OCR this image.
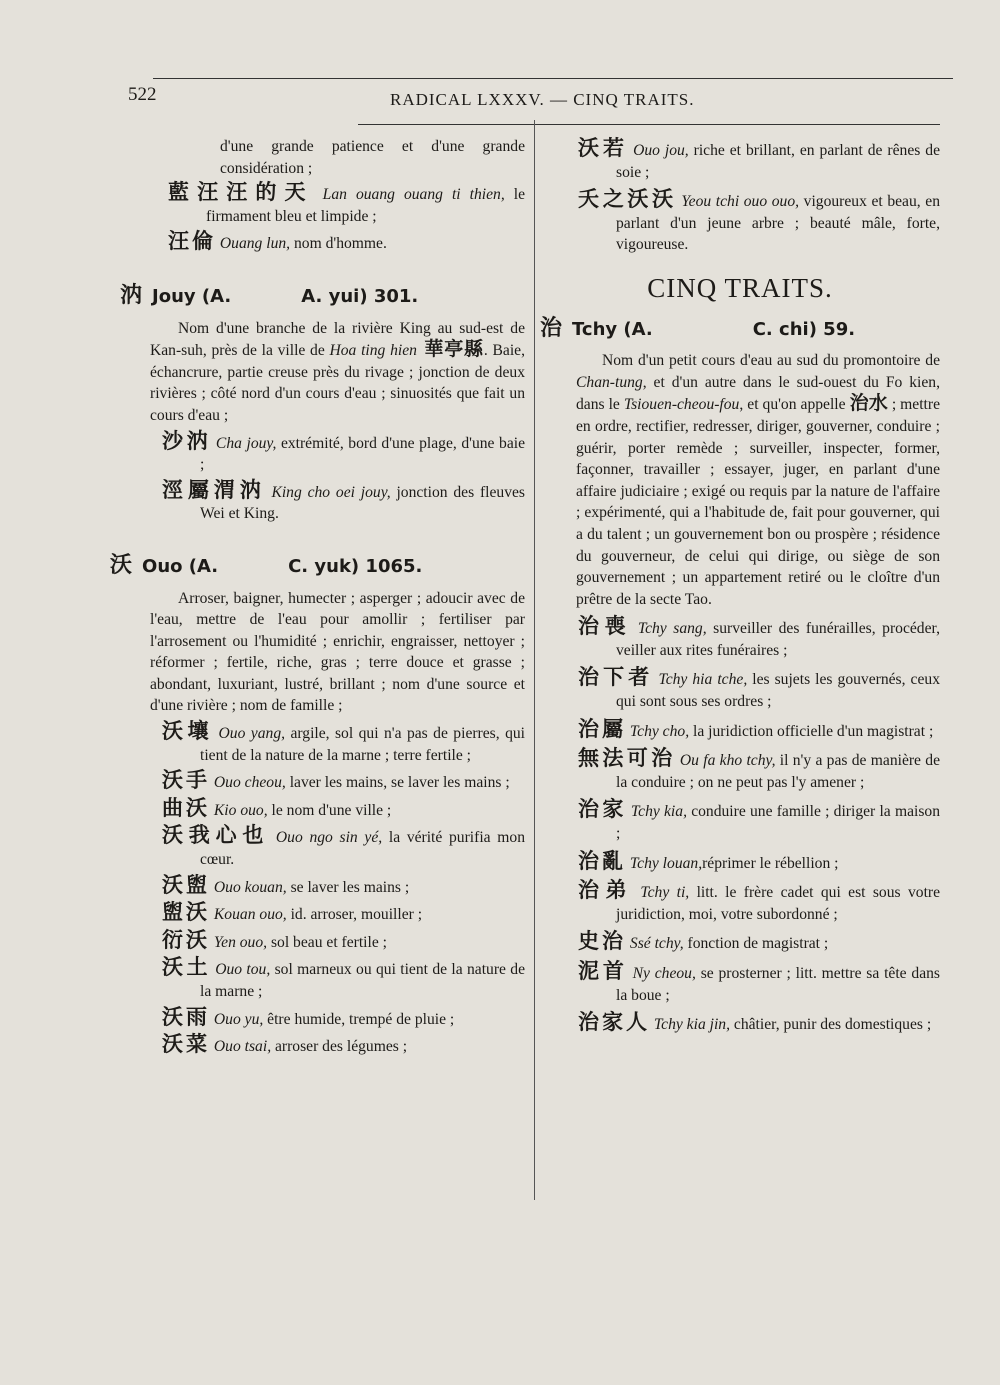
522	RADICAL LXXXV. — CINQ TRAITS.

d'une grande patience et d'une grande considération ;

藍汪汪的天 Lan ouang ouang ti thien, le firmament bleu et limpide ;

汪倫 Ouang lun, nom d'homme.

汭 Jouy (A.	A. yui) 301.

Nom d'une branche de la rivière King au sud-est de Kan-suh, près de la ville de Hoa ting hien 華亭縣. Baie, échancrure, partie creuse près du rivage ; jonction de deux rivières ; côté nord d'un cours d'eau ; sinuosités que fait un cours d'eau ;

沙汭 Cha jouy, extrémité, bord d'une plage, d'une baie ;

涇屬渭汭 King cho oei jouy, jonction des fleuves Wei et King.

沃 Ouo (A.	C. yuk) 1065.

Arroser, baigner, humecter ; asperger ; adoucir avec de l'eau, mettre de l'eau pour amollir ; fertiliser par l'arrosement ou l'humidité ; enrichir, engraisser, nettoyer ; réformer ; fertile, riche, gras ; terre douce et grasse ; abondant, luxuriant, lustré, brillant ; nom d'une source et d'une rivière ; nom de famille ;

沃壤 Ouo yang, argile, sol qui n'a pas de pierres, qui tient de la nature de la marne ; terre fertile ;

沃手 Ouo cheou, laver les mains, se laver les mains ;

曲沃 Kio ouo, le nom d'une ville ;

沃我心也 Ouo ngo sin yé, la vérité purifia mon cœur.

沃盥 Ouo kouan, se laver les mains ;

盥沃 Kouan ouo, id. arroser, mouiller ;

衍沃 Yen ouo, sol beau et fertile ;

沃土 Ouo tou, sol marneux ou qui tient de la nature de la marne ;

沃雨 Ouo yu, être humide, trempé de pluie ;

沃菜 Ouo tsai, arroser des légumes ;

沃若 Ouo jou, riche et brillant, en parlant de rênes de soie ;

夭之沃沃 Yeou tchi ouo ouo, vigoureux et beau, en parlant d'un jeune arbre ; beauté mâle, forte, vigoureuse.

CINQ TRAITS.
治 Tchy (A.	C. chi) 59.

Nom d'un petit cours d'eau au sud du promontoire de Chan-tung, et d'un autre dans le sud-ouest du Fo kien, dans le Tsiouen-cheou-fou, et qu'on appelle 治水 ; mettre en ordre, rectifier, redresser, diriger, gouverner, conduire ; guérir, porter remède ; surveiller, inspecter, former, façonner, travailler ; essayer, juger, en parlant d'une affaire judiciaire ; exigé ou requis par la nature de l'affaire ; expérimenté, qui a l'habitude de, fait pour gouverner, qui a du talent ; un gouvernement bon ou prospère ; résidence du gouverneur, de celui qui dirige, ou siège de son gouvernement ; un appartement retiré ou le cloître d'un prêtre de la secte Tao.

治喪 Tchy sang, surveiller des funérailles, procéder, veiller aux rites funéraires ;

治下者 Tchy hia tche, les sujets les gouvernés, ceux qui sont sous ses ordres ;

治屬 Tchy cho, la juridiction officielle d'un magistrat ;

無法可治 Ou fa kho tchy, il n'y a pas de manière de la conduire ; on ne peut pas l'y amener ;

治家 Tchy kia, conduire une famille ; diriger la maison ;

治亂 Tchy louan,réprimer le rébellion ;

治弟 Tchy ti, litt. le frère cadet qui est sous votre juridiction, moi, votre subordonné ;

史治 Ssé tchy, fonction de magistrat ;

泥首 Ny cheou, se prosterner ; litt. mettre sa tête dans la boue ;

治家人 Tchy kia jin, châtier, punir des domestiques ;
